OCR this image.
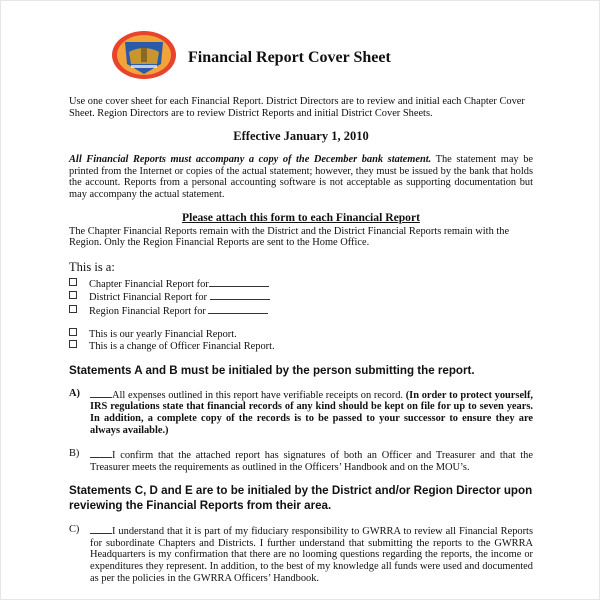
Financial Report Cover Sheet
Use one cover sheet for each Financial Report. District Directors are to review and initial each Chapter Cover Sheet. Region Directors are to review District Reports and initial District Cover Sheets.
Effective January 1, 2010
All Financial Reports must accompany a copy of the December bank statement. The statement may be printed from the Internet or copies of the actual statement; however, they must be issued by the bank that holds the account. Reports from a personal accounting software is not acceptable as supporting documentation but may accompany the actual statement.
Please attach this form to each Financial Report
The Chapter Financial Reports remain with the District and the District Financial Reports remain with the Region. Only the Region Financial Reports are sent to the Home Office.
This is a:
Chapter Financial Report for
District Financial Report for
Region Financial Report for
This is our yearly Financial Report.
This is a change of Officer Financial Report.
Statements A and B must be initialed by the person submitting the report.
A)	All expenses outlined in this report have verifiable receipts on record. (In order to protect yourself, IRS regulations state that financial records of any kind should be kept on file for up to seven years. In addition, a complete copy of the records is to be passed to your successor to ensure they are always available.)
B)	I confirm that the attached report has signatures of both an Officer and Treasurer and that the Treasurer meets the requirements as outlined in the Officers’ Handbook and on the MOU’s.
Statements C, D and E are to be initialed by the District and/or Region Director upon reviewing the Financial Reports from their area.
C)	I understand that it is part of my fiduciary responsibility to GWRRA to review all Financial Reports for subordinate Chapters and Districts. I further understand that submitting the reports to the GWRRA Headquarters is my confirmation that there are no looming questions regarding the reports, the income or expenditures they represent. In addition, to the best of my knowledge all funds were used and documented as per the policies in the GWRRA Officers’ Handbook.
